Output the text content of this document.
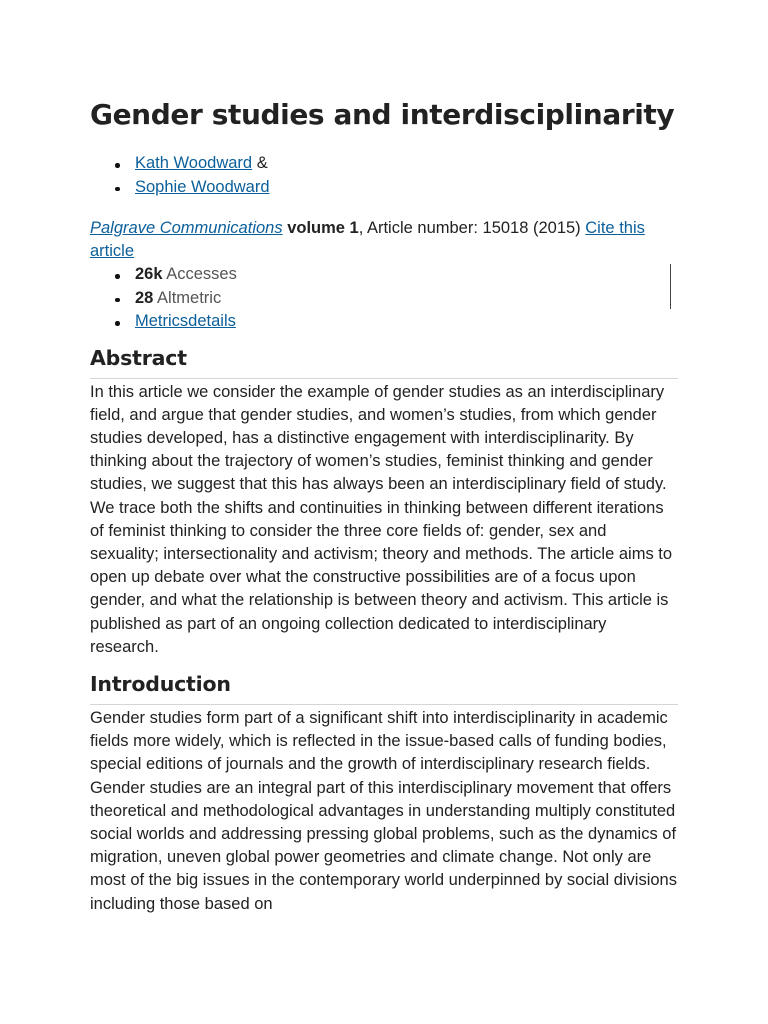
Gender studies and interdisciplinarity
Kath Woodward &
Sophie Woodward
Palgrave Communications volume 1, Article number: 15018 (2015) Cite this article
26k Accesses
28 Altmetric
Metricsdetails
Abstract

In this article we consider the example of gender studies as an interdisciplinary field, and argue that gender studies, and women’s studies, from which gender studies developed, has a distinctive engagement with interdisciplinarity. By thinking about the trajectory of women’s studies, feminist thinking and gender studies, we suggest that this has always been an interdisciplinary field of study. We trace both the shifts and continuities in thinking between different iterations of feminist thinking to consider the three core fields of: gender, sex and sexuality; intersectionality and activism; theory and methods. The article aims to open up debate over what the constructive possibilities are of a focus upon gender, and what the relationship is between theory and activism. This article is published as part of an ongoing collection dedicated to interdisciplinary research.

Introduction

Gender studies form part of a significant shift into interdisciplinarity in academic fields more widely, which is reflected in the issue-based calls of funding bodies, special editions of journals and the growth of interdisciplinary research fields. Gender studies are an integral part of this interdisciplinary movement that offers theoretical and methodological advantages in understanding multiply constituted social worlds and addressing pressing global problems, such as the dynamics of migration, uneven global power geometries and climate change. Not only are most of the big issues in the contemporary world underpinned by social divisions including those based on
